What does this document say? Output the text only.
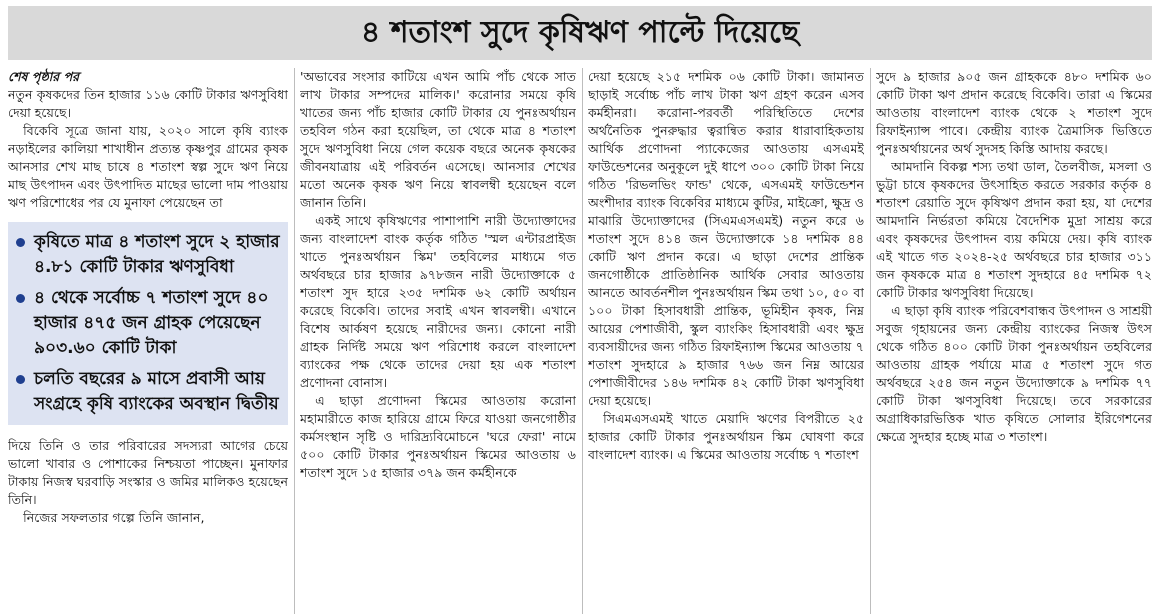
৪ শতাংশ সুদে কৃষিঋণ পাল্টে দিয়েছে
শেষ পৃষ্ঠার পর

নতুন কৃষকদের তিন হাজার ১১৬ কোটি টাকার ঋণসুবিধা দেয়া হয়েছে।

বিকেবি সূত্রে জানা যায়, ২০২০ সালে কৃষি ব্যাংক নড়াইলের কালিয়া শাখাধীন প্রত্যন্ত কৃষ্ণপুর গ্রামের কৃষক আনসার শেখ মাছ চাষে ৪ শতাংশ স্বল্প সুদে ঋণ নিয়ে মাছ উৎপাদন এবং উৎপাদিত মাছের ভালো দাম পাওয়ায় ঋণ পরিশোধের পর যে মুনাফা পেয়েছেন তা

কৃষিতে মাত্র ৪ শতাংশ সুদে ২ হাজার ৪.৮১ কোটি টাকার ঋণসুবিধা
৪ থেকে সর্বোচ্চ ৭ শতাংশ সুদে ৪০ হাজার ৪৭৫ জন গ্রাহক পেয়েছেন ৯০৩.৬০ কোটি টাকা
চলতি বছরের ৯ মাসে প্রবাসী আয় সংগ্রহে কৃষি ব্যাংকের অবস্থান দ্বিতীয়

দিয়ে তিনি ও তার পরিবারের সদস্যরা আগের চেয়ে ভালো খাবার ও পোশাকের নিশ্চয়তা পাচ্ছেন। মুনাফার টাকায় নিজস্ব ঘরবাড়ি সংস্কার ও জমির মালিকও হয়েছেন তিনি।

নিজের সফলতার গল্পে তিনি জানান,

'অভাবের সংসার কাটিয়ে এখন আমি পাঁচ থেকে সাত লাখ টাকার সম্পদের মালিক।' করোনার সময়ে কৃষি খাতের জন্য পাঁচ হাজার কোটি টাকার যে পুনঃঅর্থায়ন তহবিল গঠন করা হয়েছিল, তা থেকে মাত্র ৪ শতাংশ সুদে ঋণসুবিধা নিয়ে গেল কয়েক বছরে অনেক কৃষকের জীবনযাত্রায় এই পরিবর্তন এসেছে। আনসার শেখের মতো অনেক কৃষক ঋণ নিয়ে স্বাবলম্বী হয়েছেন বলে জানান তিনি।

একই সাথে কৃষিঋণের পাশাপাশি নারী উদ্যোক্তাদের জন্য বাংলাদেশ বাংক কর্তৃক গঠিত 'স্মল এন্টারপ্রাইজ খাতে পুনঃঅর্থায়ন স্কিম' তহবিলের মাধ্যমে গত অর্থবছরে চার হাজার ৯৭৮জন নারী উদ্যোক্তাকে ৫ শতাংশ সুদ হারে ২৩৫ দশমিক ৬২ কোটি অর্থায়ন করেছে বিকেবি। তাদের সবাই এখন স্বাবলম্বী। এখানে বিশেষ আর্কষণ হয়েছে নারীদের জন্য। কোনো নারী গ্রাহক নির্দিষ্ট সময়ে ঋণ পরিশোধ করলে বাংলাদেশ ব্যাংকের পক্ষ থেকে তাদের দেয়া হয় এক শতাংশ প্রণোদনা বোনাস।

এ ছাড়া প্রণোদনা স্কিমের আওতায় করোনা মহামারীতে কাজ হারিয়ে গ্রামে ফিরে যাওয়া জনগোষ্ঠীর কর্মসংস্থান সৃষ্টি ও দারিদ্র্যবিমোচনে 'ঘরে ফেরা' নামে ৫০০ কোটি টাকার পুনঃঅর্থায়ন স্কিমের আওতায় ৬ শতাংশ সুদে ১৫ হাজার ৩৭৯ জন কর্মহীনকে

দেয়া হয়েছে ২১৫ দশমিক ০৬ কোটি টাকা। জামানত ছাড়াই সর্বোচ্চ পাঁচ লাখ টাকা ঋণ গ্রহণ করেন এসব কর্মহীনরা। করোনা-পরবর্তী পরিস্থিতিতে দেশের অর্থনৈতিক পুনরুদ্ধার ত্বরান্বিত করার ধারাবাহিকতায় আর্থিক প্রণোদনা প্যাকেজের আওতায় এসএমই ফাউন্ডেশনের অনুকূলে দুই ধাপে ৩০০ কোটি টাকা নিয়ে গঠিত 'রিভলভিং ফান্ড' থেকে, এসএমই ফাউন্ডেশন অংশীদার ব্যাংক বিকেবির মাধ্যমে কুটির, মাইক্রো, ক্ষুদ্র ও মাঝারি উদ্যোক্তাদের (সিএমএসএমই) নতুন করে ৬ শতাংশ সুদে ৪১৪ জন উদ্যোক্তাকে ১৪ দশমিক ৪৪ কোটি ঋণ প্রদান করে। এ ছাড়া দেশের প্রান্তিক জনগোষ্ঠীকে প্রাতিষ্ঠানিক আর্থিক সেবার আওতায় আনতে আবর্তনশীল পুনঃঅর্থায়ন স্কিম তথা ১০, ৫০ বা ১০০ টাকা হিসাবধারী প্রান্তিক, ভূমিহীন কৃষক, নিম্ন আয়ের পেশাজীবী, স্কুল ব্যাংকিং হিসাবধারী এবং ক্ষুদ্র ব্যবসায়ীদের জন্য গঠিত রিফাইন্যান্স স্কিমের আওতায় ৭ শতাংশ সুদহারে ৯ হাজার ৭৬৬ জন নিম্ন আয়ের পেশাজীবীদের ১৪৬ দশমিক ৪২ কোটি টাকা ঋণসুবিধা দেয়া হয়েছে।

সিএমএসএমই খাতে মেয়াদি ঋণের বিপরীতে ২৫ হাজার কোটি টাকার পুনঃঅর্থায়ন স্কিম ঘোষণা করে বাংলাদেশ ব্যাংক। এ স্কিমের আওতায় সর্বোচ্চ ৭ শতাংশ

সুদে ৯ হাজার ৯০৫ জন গ্রাহককে ৪৮০ দশমিক ৬০ কোটি টাকা ঋণ প্রদান করেছে বিকেবি। তারা এ স্কিমের আওতায় বাংলাদেশ ব্যাংক থেকে ২ শতাংশ সুদে রিফাইন্যান্স পাবে। কেন্দ্রীয় ব্যাংক ত্রৈমাসিক ভিত্তিতে পুনঃঅর্থায়নের অর্থ সুদসহ কিস্তি আদায় করছে।

আমদানি বিকল্প শস্য তথা ডাল, তৈলবীজ, মসলা ও ভুট্টা চাষে কৃষকদের উৎসাহিত করতে সরকার কর্তৃক ৪ শতাংশ রেয়াতি সুদে কৃষিঋণ প্রদান করা হয়, যা দেশের আমদানি নির্ভরতা কমিয়ে বৈদেশিক মুদ্রা সাশ্রয় করে এবং কৃষকদের উৎপাদন ব্যয় কমিয়ে দেয়। কৃষি ব্যাংক এই খাতে গত ২০২৪-২৫ অর্থবছরে চার হাজার ৩১১ জন কৃষককে মাত্র ৪ শতাংশ সুদহারে ৪৫ দশমিক ৭২ কোটি টাকার ঋণসুবিধা দিয়েছে।

এ ছাড়া কৃষি ব্যাংক পরিবেশবান্ধব উৎপাদন ও সাশ্রয়ী সবুজ গৃহায়নের জন্য কেন্দ্রীয় ব্যাংকের নিজস্ব উৎস থেকে গঠিত ৪০০ কোটি টাকা পুনঃঅর্থায়ন তহবিলের আওতায় গ্রাহক পর্যায়ে মাত্র ৫ শতাংশ সুদে গত অর্থবছরে ২৫৪ জন নতুন উদ্যোক্তাকে ৯ দশমিক ৭৭ কোটি টাকা ঋণসুবিধা দিয়েছে। তবে সরকারের অগ্রাধিকারভিত্তিক খাত কৃষিতে সোলার ইরিগেশনের ক্ষেত্রে সুদহার হচ্ছে মাত্র ৩ শতাংশ।
